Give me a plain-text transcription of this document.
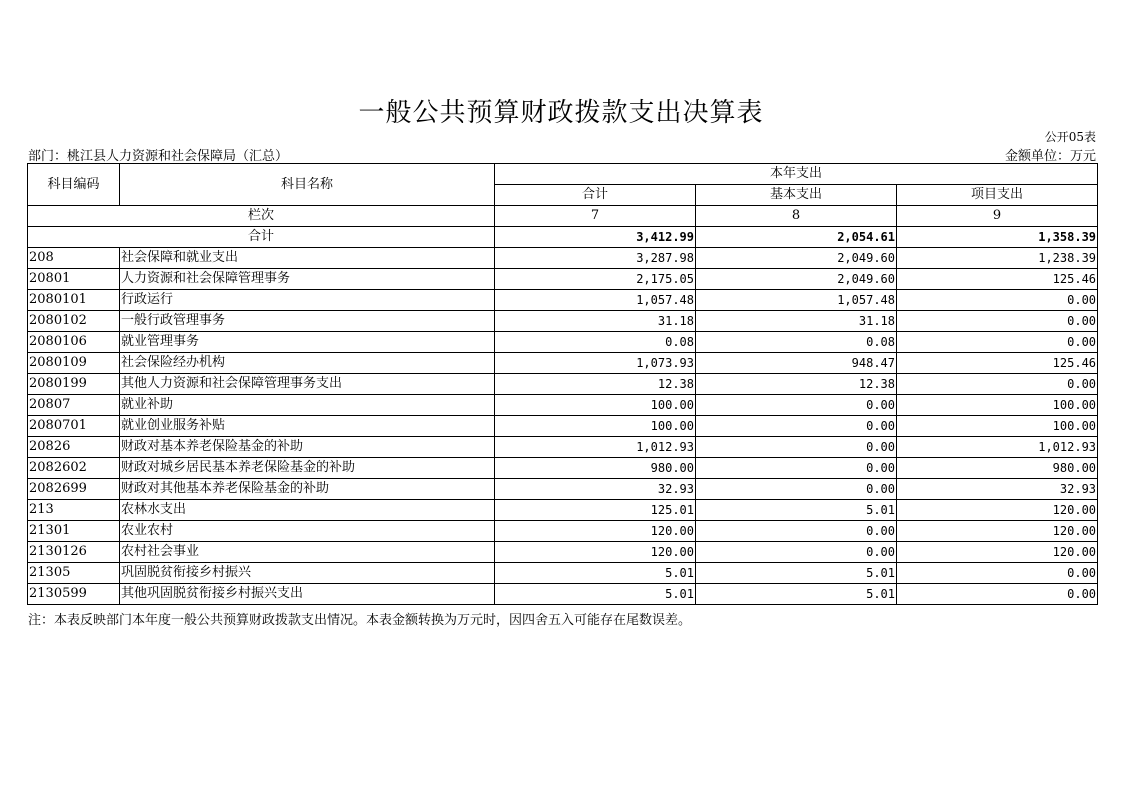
一般公共预算财政拨款支出决算表
公开05表
部门：桃江县人力资源和社会保障局（汇总）	金额单位：万元
科目编码	科目名称	本年支出		
		合计	基本支出	项目支出
栏次		7	8	9
合计		3,412.99	2,054.61	1,358.39
208	社会保障和就业支出	3,287.98	2,049.60	1,238.39
20801	人力资源和社会保障管理事务	2,175.05	2,049.60	125.46
2080101	行政运行	1,057.48	1,057.48	0.00
2080102	一般行政管理事务	31.18	31.18	0.00
2080106	就业管理事务	0.08	0.08	0.00
2080109	社会保险经办机构	1,073.93	948.47	125.46
2080199	其他人力资源和社会保障管理事务支出	12.38	12.38	0.00
20807	就业补助	100.00	0.00	100.00
2080701	就业创业服务补贴	100.00	0.00	100.00
20826	财政对基本养老保险基金的补助	1,012.93	0.00	1,012.93
2082602	财政对城乡居民基本养老保险基金的补助	980.00	0.00	980.00
2082699	财政对其他基本养老保险基金的补助	32.93	0.00	32.93
213	农林水支出	125.01	5.01	120.00
21301	农业农村	120.00	0.00	120.00
2130126	农村社会事业	120.00	0.00	120.00
21305	巩固脱贫衔接乡村振兴	5.01	5.01	0.00
2130599	其他巩固脱贫衔接乡村振兴支出	5.01	5.01	0.00
注：本表反映部门本年度一般公共预算财政拨款支出情况。本表金额转换为万元时，因四舍五入可能存在尾数误差。
